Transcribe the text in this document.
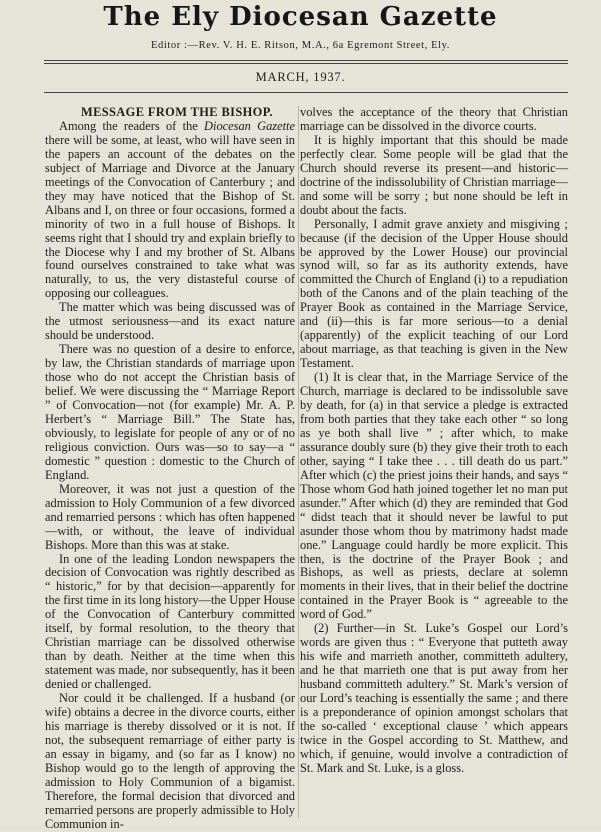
The Ely Diocesan Gazette
Editor :—Rev. V. H. E. Ritson, M.A., 6a Egremont Street, Ely.
MARCH, 1937.

MESSAGE FROM THE BISHOP.

Among the readers of the Diocesan Gazette there will be some, at least, who will have seen in the papers an account of the debates on the subject of Marriage and Divorce at the January meetings of the Convocation of Canterbury ; and they may have noticed that the Bishop of St. Albans and I, on three or four occasions, formed a minority of two in a full house of Bishops. It seems right that I should try and explain briefly to the Diocese why I and my brother of St. Albans found ourselves constrained to take what was naturally, to us, the very distasteful course of opposing our colleagues.

The matter which was being discussed was of the utmost seriousness—and its exact nature should be understood.

There was no question of a desire to enforce, by law, the Christian standards of marriage upon those who do not accept the Christian basis of belief. We were discussing the “ Marriage Report ” of Convocation—not (for example) Mr. A. P. Herbert’s “ Marriage Bill.” The State has, obviously, to legislate for people of any or of no religious conviction. Ours was—so to say—a “ domestic ” question : domestic to the Church of England.

Moreover, it was not just a question of the admission to Holy Communion of a few divorced and remarried persons : which has often happened—with, or without, the leave of individual Bishops. More than this was at stake.

In one of the leading London newspapers the decision of Convocation was rightly described as “ historic,” for by that decision—apparently for the first time in its long history—the Upper House of the Convocation of Canterbury committed itself, by formal resolution, to the theory that Christian marriage can be dissolved otherwise than by death. Neither at the time when this statement was made, nor subsequently, has it been denied or challenged.

Nor could it be challenged. If a husband (or wife) obtains a decree in the divorce courts, either his marriage is thereby dissolved or it is not. If not, the subsequent remarriage of either party is an essay in bigamy, and (so far as I know) no Bishop would go to the length of approving the admission to Holy Communion of a bigamist. Therefore, the formal decision that divorced and remarried persons are properly admissible to Holy Communion in-

volves the acceptance of the theory that Christian marriage can be dissolved in the divorce courts.

It is highly important that this should be made perfectly clear. Some people will be glad that the Church should reverse its present—and historic—doctrine of the indissolubility of Christian marriage—and some will be sorry ; but none should be left in doubt about the facts.

Personally, I admit grave anxiety and misgiving ; because (if the decision of the Upper House should be approved by the Lower House) our provincial synod will, so far as its authority extends, have committed the Church of England (i) to a repudiation both of the Canons and of the plain teaching of the Prayer Book as contained in the Marriage Service, and (ii)—this is far more serious—to a denial (apparently) of the explicit teaching of our Lord about marriage, as that teaching is given in the New Testament.

(1) It is clear that, in the Marriage Service of the Church, marriage is declared to be indissoluble save by death, for (a) in that service a pledge is extracted from both parties that they take each other “ so long as ye both shall live ” ; after which, to make assurance doubly sure (b) they give their troth to each other, saying “ I take thee . . . till death do us part.” After which (c) the priest joins their hands, and says “ Those whom God hath joined together let no man put asunder.” After which (d) they are reminded that God “ didst teach that it should never be lawful to put asunder those whom thou by matrimony hadst made one.” Language could hardly be more explicit. This then, is the doctrine of the Prayer Book ; and Bishops, as well as priests, declare at solemn moments in their lives, that in their belief the doctrine contained in the Prayer Book is “ agreeable to the word of God.”

(2) Further—in St. Luke’s Gospel our Lord’s words are given thus : “ Everyone that putteth away his wife and marrieth another, committeth adultery, and he that marrieth one that is put away from her husband committeth adultery.” St. Mark’s version of our Lord’s teaching is essentially the same ; and there is a preponderance of opinion amongst scholars that the so-called ‘ exceptional clause ’ which appears twice in the Gospel according to St. Matthew, and which, if genuine, would involve a contradiction of St. Mark and St. Luke, is a gloss.
